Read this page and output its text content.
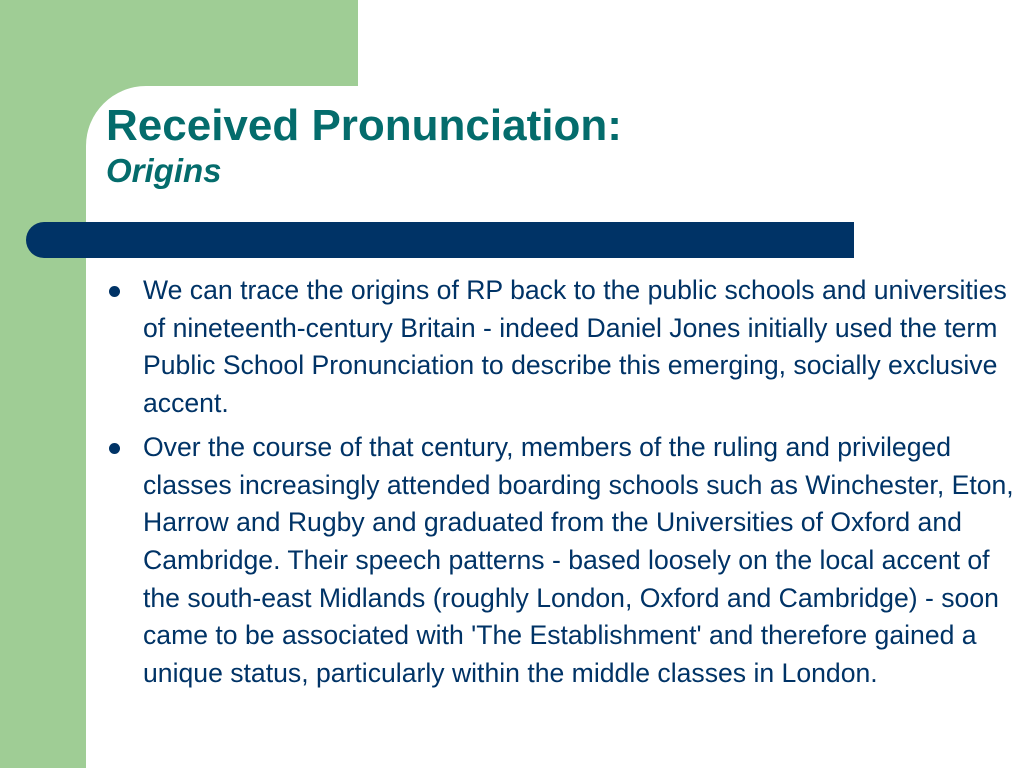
Received Pronunciation:
Origins
We can trace the origins of RP back to the public schools and universities of nineteenth-century Britain - indeed Daniel Jones initially used the term Public School Pronunciation to describe this emerging, socially exclusive accent.
Over the course of that century, members of the ruling and privileged classes increasingly attended boarding schools such as Winchester, Eton, Harrow and Rugby and graduated from the Universities of Oxford and Cambridge. Their speech patterns - based loosely on the local accent of the south-east Midlands (roughly London, Oxford and Cambridge) - soon came to be associated with 'The Establishment' and therefore gained a unique status, particularly within the middle classes in London.
